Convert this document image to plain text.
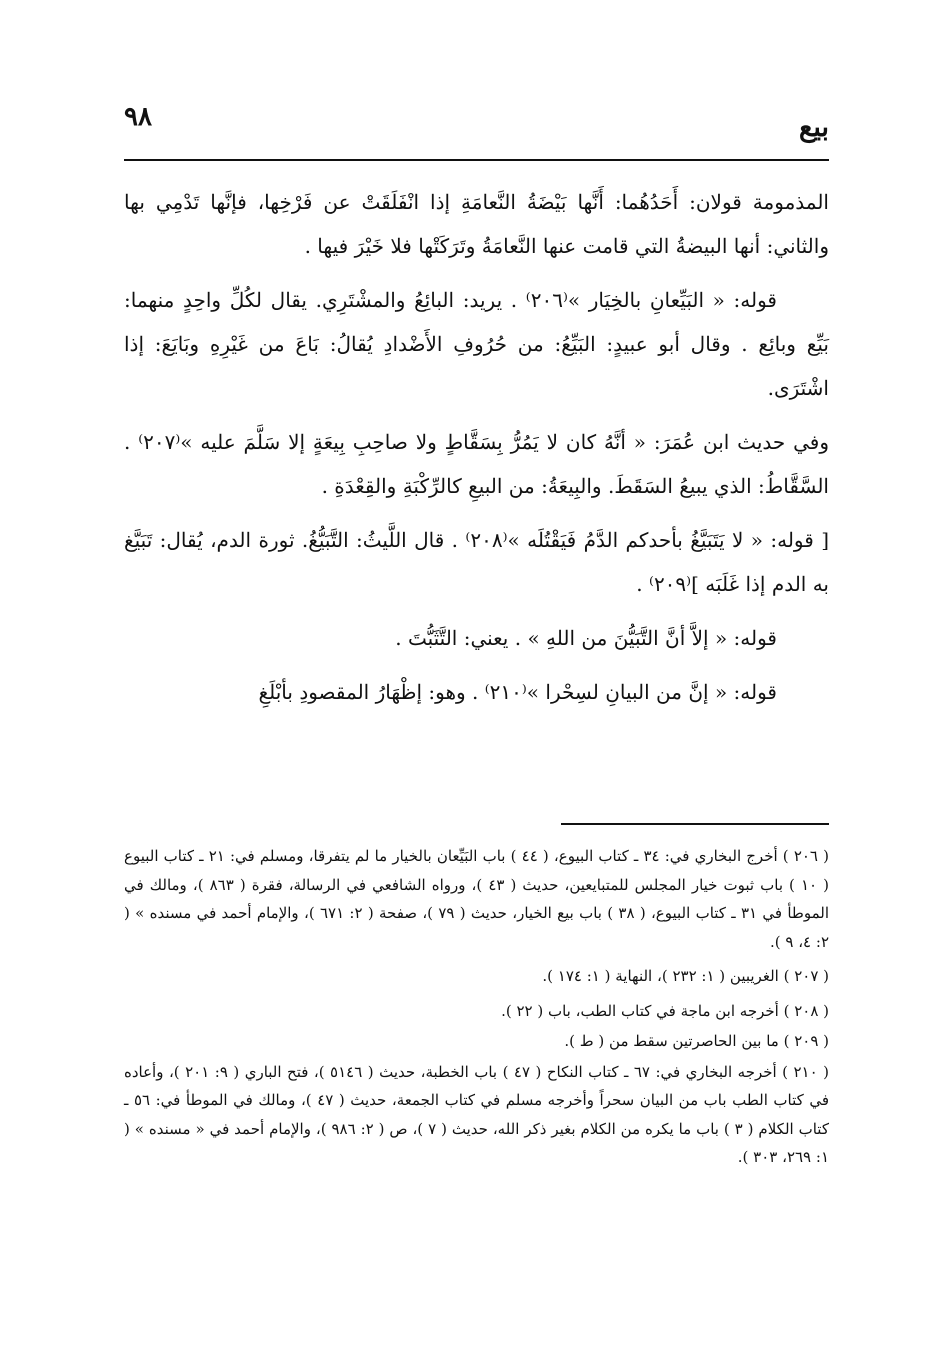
بيع
٩٨

المذمومة قولان: أَحَدُهُما: أَنَّها بَيْضَةُ النَّعامَةِ إذا انْفَلَقَتْ عن فَرْخِها، فإنَّها تَدْمِي بها والثاني: أنها البيضةُ التي قامت عنها النَّعامَةُ وتَرَكَتْها فلا خَيْرَ فيها .

قوله: « البَيِّعانِ بالخِيَار »⁽٢٠٦⁾ . يريد: البائِعُ والمشْتَرِي. يقال لكُلِّ واحِدٍ منهما: بَيِّع وبائِع . وقال أبو عبيدٍ: البَيِّعُ: من حُرُوفِ الأَضْدادِ يُقالُ: بَاعَ من غَيْرِهِ وبَايَعَ: إذا اشْتَرَى.

وفي حديث ابن عُمَرَ: « أنَّهُ كان لا يَمُرُّ بِسَقَّاطٍ ولا صاحِبِ بِيعَةٍ إلا سَلَّمَ عليه »⁽٢٠٧⁾ . السَّقَّاطُ: الذي يبيعُ السَقَطَ. والبِيعَةُ: من البيعِ كالرِّكْبَةِ والقِعْدَةِ .

[ قوله: « لا يَتَبَيَّغُ بأحدكم الدَّمُ فَيَقْتُلَه »⁽٢٠٨⁾ . قال اللَّيثُ: التَّبَيُّغُ. ثورة الدم، يُقال: تَبَيَّغ به الدم إذا غَلَبَه ]⁽٢٠٩⁾ .

قوله: « إلاَّ أنَّ التَّبَيُّنَ من اللهِ » . يعني: التَّثَبُّتَ .

قوله: « إنَّ من البيانِ لسِحْرا »⁽٢١٠⁾ . وهو: إظْهَارُ المقصودِ بأبْلَغِ

( ٢٠٦ ) أخرج البخاري في: ٣٤ ـ كتاب البيوع، ( ٤٤ ) باب البَيِّعان بالخيار ما لم يتفرقا، ومسلم في: ٢١ ـ كتاب البيوع ( ١٠ ) باب ثبوت خيار المجلس للمتبايعين، حديث ( ٤٣ )، ورواه الشافعي في الرسالة، فقرة ( ٨٦٣ )، ومالك في الموطأ في ٣١ ـ كتاب البيوع، ( ٣٨ ) باب بيع الخيار، حديث ( ٧٩ )، صفحة ( ٢: ٦٧١ )، والإمام أحمد في مسنده » ( ٢: ٤، ٩ ).

( ٢٠٧ ) الغريبين ( ١: ٢٣٢ )، النهاية ( ١: ١٧٤ ).

( ٢٠٨ ) أخرجه ابن ماجة في كتاب الطب، باب ( ٢٢ ).

( ٢٠٩ ) ما بين الحاصرتين سقط من ( ط ).

( ٢١٠ ) أخرجه البخاري في: ٦٧ ـ كتاب النكاح ( ٤٧ ) باب الخطبة، حديث ( ٥١٤٦ )، فتح الباري ( ٩: ٢٠١ )، وأعاده في كتاب الطب باب من البيان سحراً وأخرجه مسلم في كتاب الجمعة، حديث ( ٤٧ )، ومالك في الموطأ في: ٥٦ ـ كتاب الكلام ( ٣ ) باب ما يكره من الكلام بغير ذكر الله، حديث ( ٧ )، ص ( ٢: ٩٨٦ )، والإمام أحمد في « مسنده » ( ١: ٢٦٩، ٣٠٣ ).
